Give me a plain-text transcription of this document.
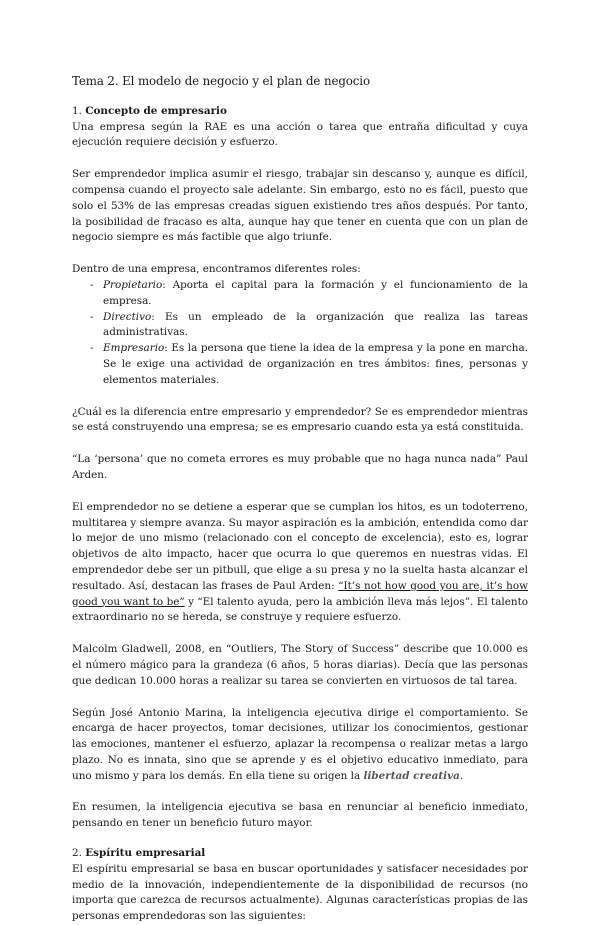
Tema 2. El modelo de negocio y el plan de negocio
1. Concepto de empresario

Una empresa según la RAE es una acción o tarea que entraña dificultad y cuya ejecución requiere decisión y esfuerzo.

Ser emprendedor implica asumir el riesgo, trabajar sin descanso y, aunque es difícil, compensa cuando el proyecto sale adelante. Sin embargo, esto no es fácil, puesto que solo el 53% de las empresas creadas siguen existiendo tres años después. Por tanto, la posibilidad de fracaso es alta, aunque hay que tener en cuenta que con un plan de negocio siempre es más factible que algo triunfe.

Dentro de una empresa, encontramos diferentes roles:

- Propietario: Aporta el capital para la formación y el funcionamiento de la empresa.
- Directivo: Es un empleado de la organización que realiza las tareas administrativas.
- Empresario: Es la persona que tiene la idea de la empresa y la pone en marcha. Se le exige una actividad de organización en tres ámbitos: fines, personas y elementos materiales.

¿Cuál es la diferencia entre empresario y emprendedor? Se es emprendedor mientras se está construyendo una empresa; se es empresario cuando esta ya está constituida.

“La ‘persona’ que no cometa errores es muy probable que no haga nunca nada” Paul Arden.

El emprendedor no se detiene a esperar que se cumplan los hitos, es un todoterreno, multitarea y siempre avanza. Su mayor aspiración es la ambición, entendida como dar lo mejor de uno mismo (relacionado con el concepto de excelencia), esto es, lograr objetivos de alto impacto, hacer que ocurra lo que queremos en nuestras vidas. El emprendedor debe ser un pitbull, que elige a su presa y no la suelta hasta alcanzar el resultado. Así, destacan las frases de Paul Arden: “It’s not how good you are, it’s how good you want to be” y “El talento ayuda, pero la ambición lleva más lejos”. El talento extraordinario no se hereda, se construye y requiere esfuerzo.

Malcolm Gladwell, 2008, en “Outliers, The Story of Success” describe que 10.000 es el número mágico para la grandeza (6 años, 5 horas diarias). Decía que las personas que dedican 10.000 horas a realizar su tarea se convierten en virtuosos de tal tarea.

Según José Antonio Marina, la inteligencia ejecutiva dirige el comportamiento. Se encarga de hacer proyectos, tomar decisiones, utilizar los conocimientos, gestionar las emociones, mantener el esfuerzo, aplazar la recompensa o realizar metas a largo plazo. No es innata, sino que se aprende y es el objetivo educativo inmediato, para uno mismo y para los demás. En ella tiene su origen la libertad creativa.

En resumen, la inteligencia ejecutiva se basa en renunciar al beneficio inmediato, pensando en tener un beneficio futuro mayor.

2. Espíritu empresarial

El espíritu empresarial se basa en buscar oportunidades y satisfacer necesidades por medio de la innovación, independientemente de la disponibilidad de recursos (no importa que carezca de recursos actualmente). Algunas características propias de las personas emprendedoras son las siguientes:
